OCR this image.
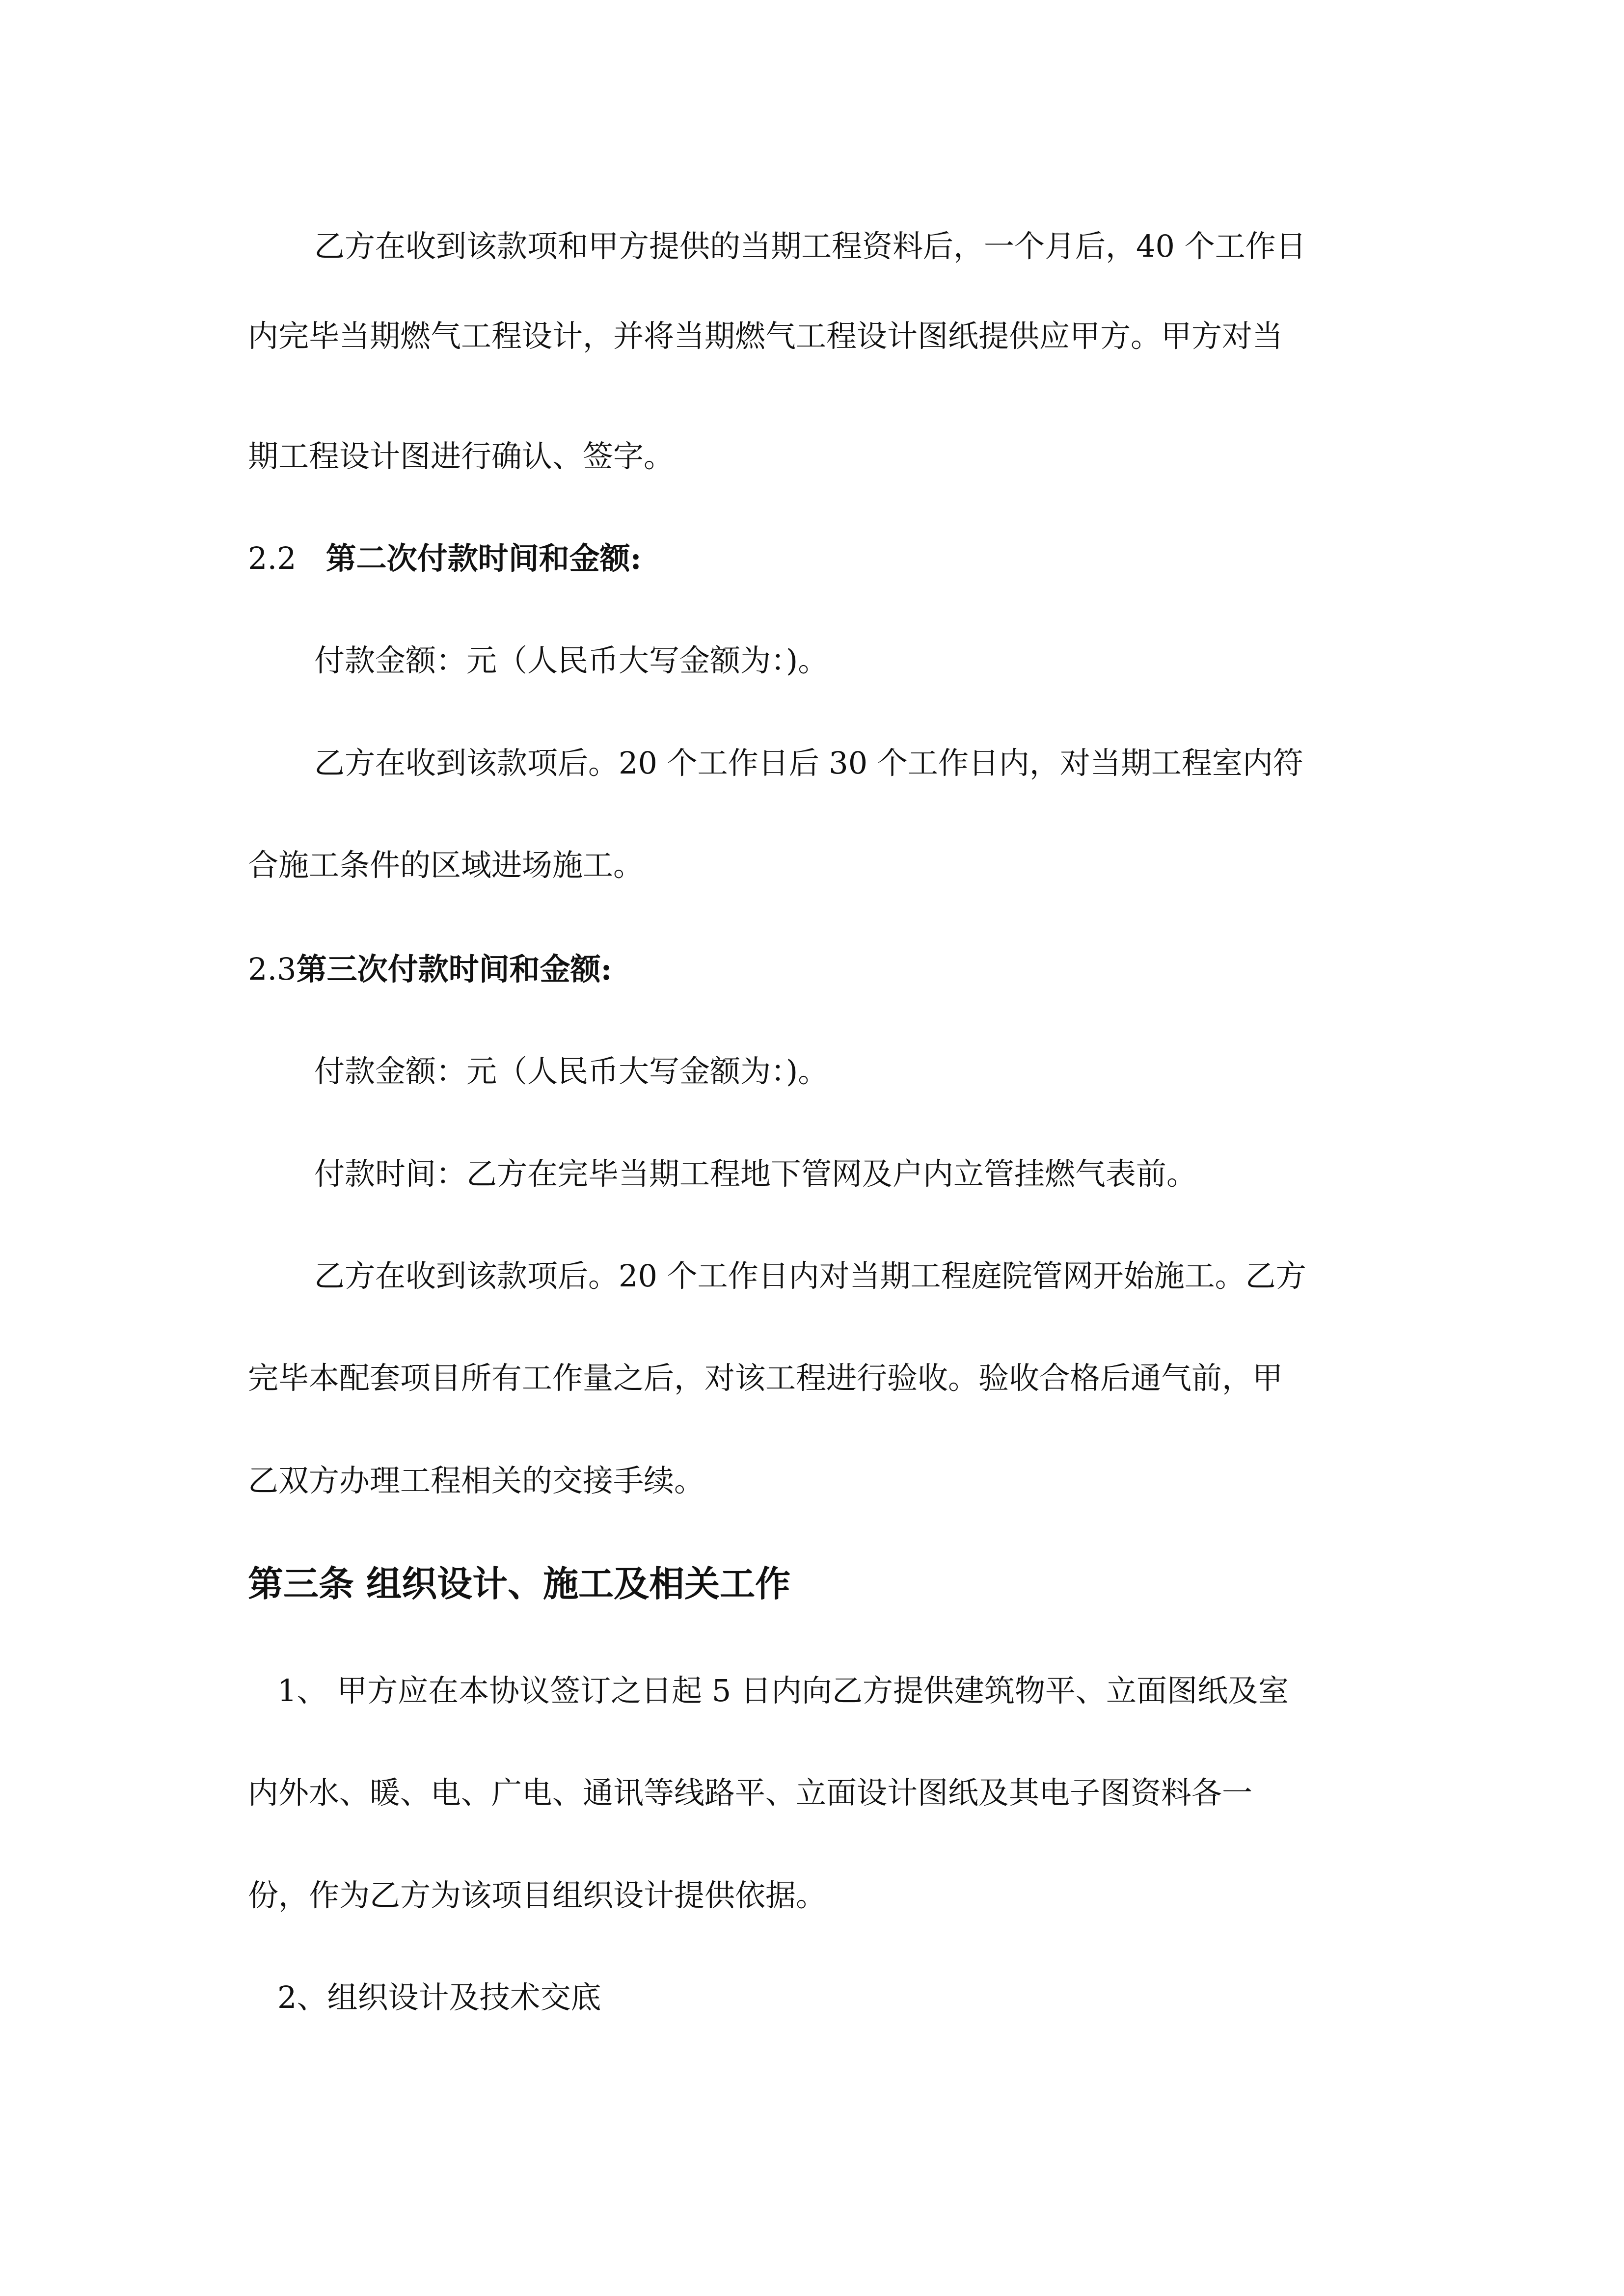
乙方在收到该款项和甲方提供的当期工程资料后，一个月后，40 个工作日
内完毕当期燃气工程设计，并将当期燃气工程设计图纸提供应甲方。甲方对当
期工程设计图进行确认、签字。
2.2 第二次付款时间和金额:
付款金额：元（人民币大写金额为：)。
乙方在收到该款项后。20 个工作日后 30 个工作日内，对当期工程室内符
合施工条件的区域进场施工。
2.3第三次付款时间和金额:
付款金额：元（人民币大写金额为：)。
付款时间：乙方在完毕当期工程地下管网及户内立管挂燃气表前。
乙方在收到该款项后。20 个工作日内对当期工程庭院管网开始施工。乙方
完毕本配套项目所有工作量之后，对该工程进行验收。验收合格后通气前，甲
乙双方办理工程相关的交接手续。
第三条 组织设计、施工及相关工作
1、 甲方应在本协议签订之日起 5 日内向乙方提供建筑物平、立面图纸及室
内外水、暖、电、广电、通讯等线路平、立面设计图纸及其电子图资料各一
份，作为乙方为该项目组织设计提供依据。
2、组织设计及技术交底
